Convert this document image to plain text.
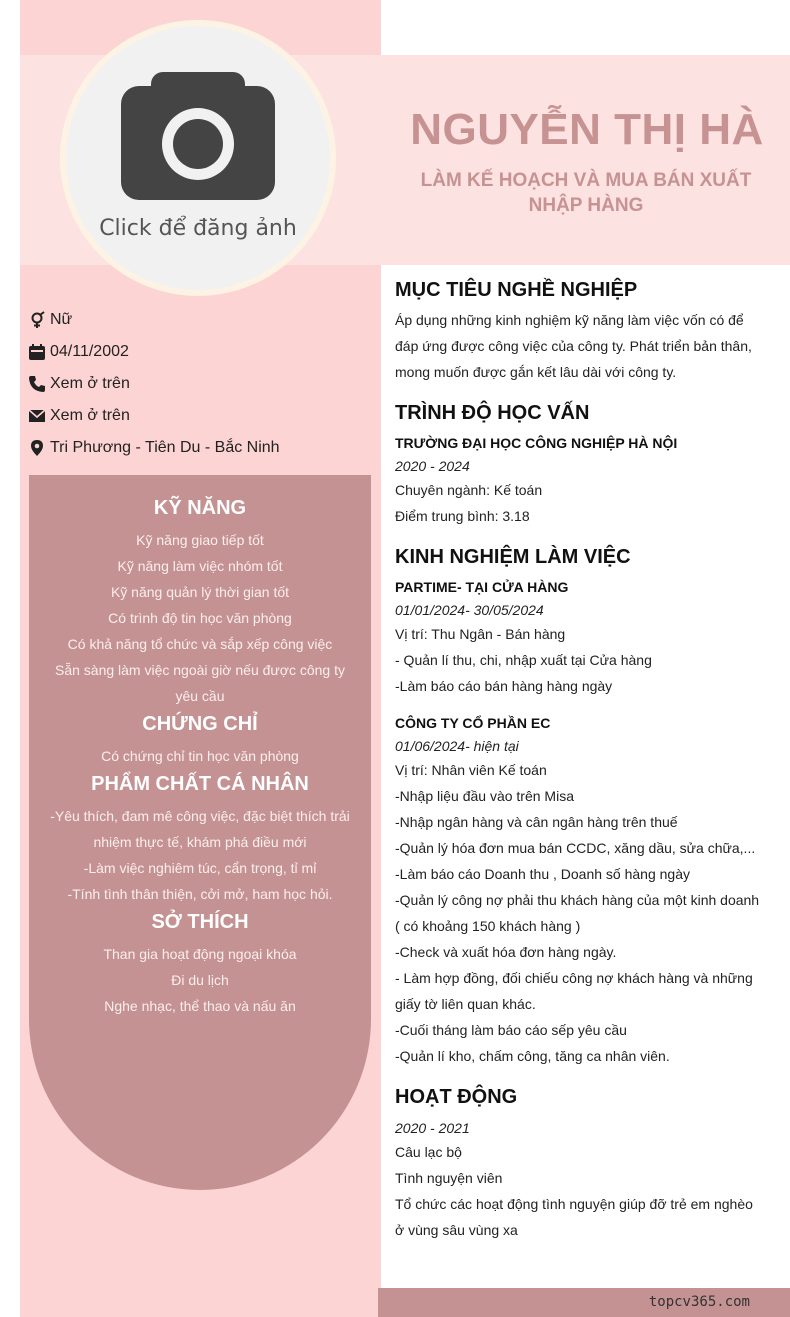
Click để đăng ảnh
NGUYỄN THỊ HÀ
LÀM KẾ HOẠCH VÀ MUA BÁN XUẤT NHẬP HÀNG
Nữ
04/11/2002
Xem ở trên
Xem ở trên
Tri Phương - Tiên Du - Bắc Ninh
KỸ NĂNG
Kỹ năng giao tiếp tốt
Kỹ năng làm việc nhóm tốt
Kỹ năng quản lý thời gian tốt
Có trình độ tin học văn phòng
Có khả năng tổ chức và sắp xếp công việc
Sẵn sàng làm việc ngoài giờ nếu được công ty yêu cầu
CHỨNG CHỈ
Có chứng chỉ tin học văn phòng
PHẨM CHẤT CÁ NHÂN
-Yêu thích, đam mê công việc, đặc biệt thích trải nhiệm thực tế, khám phá điều mới
-Làm việc nghiêm túc, cẩn trọng, tỉ mỉ
-Tính tình thân thiện, cởi mở, ham học hỏi.
SỞ THÍCH
Than gia hoạt động ngoại khóa
Đi du lịch
Nghe nhạc, thể thao và nấu ăn
MỤC TIÊU NGHỀ NGHIỆP

Áp dụng những kinh nghiệm kỹ năng làm việc vốn có để đáp ứng được công việc của công ty. Phát triển bản thân, mong muốn được gắn kết lâu dài với công ty.

TRÌNH ĐỘ HỌC VẤN
TRƯỜNG ĐẠI HỌC CÔNG NGHIỆP HÀ NỘI
2020 - 2024
Chuyên ngành: Kế toán
Điểm trung bình: 3.18
KINH NGHIỆM LÀM VIỆC
PARTIME- TẠI CỬA HÀNG
01/01/2024- 30/05/2024
Vị trí: Thu Ngân - Bán hàng
- Quản lí thu, chi, nhập xuất tại Cửa hàng
-Làm báo cáo bán hàng hàng ngày
CÔNG TY CỔ PHẦN EC
01/06/2024- hiện tại
Vị trí: Nhân viên Kế toán
-Nhập liệu đầu vào trên Misa
-Nhập ngân hàng và cân ngân hàng trên thuế
-Quản lý hóa đơn mua bán CCDC, xăng dầu, sửa chữa,...
-Làm báo cáo Doanh thu , Doanh số hàng ngày
-Quản lý công nợ phải thu khách hàng của một kinh doanh ( có khoảng 150 khách hàng )
-Check và xuất hóa đơn hàng ngày.
- Làm hợp đồng, đối chiếu công nợ khách hàng và những giấy tờ liên quan khác.
-Cuối tháng làm báo cáo sếp yêu cầu
-Quản lí kho, chấm công, tăng ca nhân viên.
HOẠT ĐỘNG
2020 - 2021
Câu lạc bộ
Tình nguyện viên
Tổ chức các hoạt động tình nguyện giúp đỡ trẻ em nghèo ở vùng sâu vùng xa
topcv365.com
